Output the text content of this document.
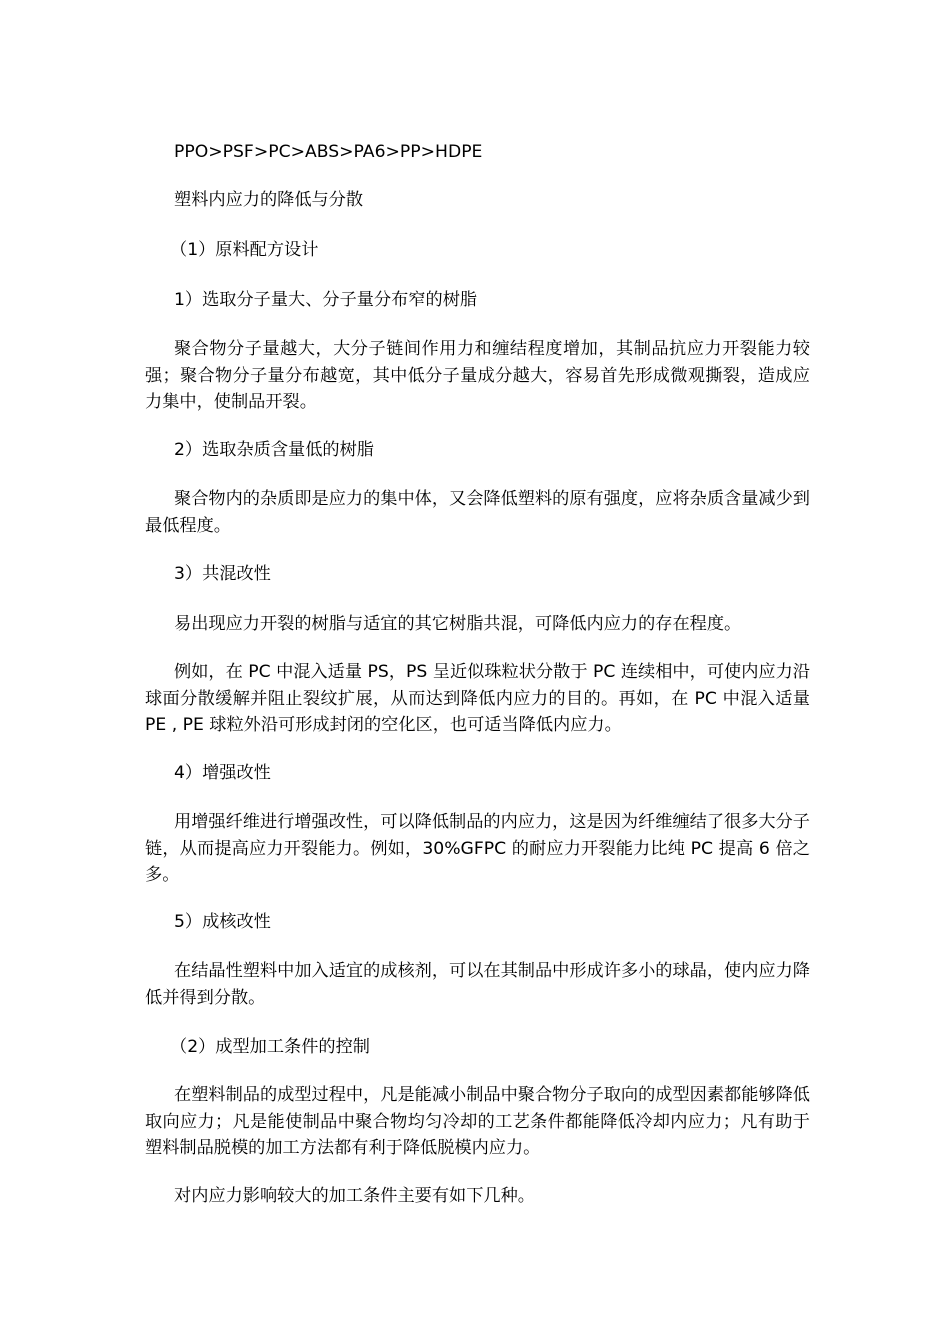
PPO>PSF>PC>ABS>PA6>PP>HDPE

塑料内应力的降低与分散

（1）原料配方设计

1）选取分子量大、分子量分布窄的树脂

聚合物分子量越大，大分子链间作用力和缠结程度增加，其制品抗应力开裂能力较强；聚合物分子量分布越宽，其中低分子量成分越大，容易首先形成微观撕裂，造成应力集中，使制品开裂。

2）选取杂质含量低的树脂

聚合物内的杂质即是应力的集中体，又会降低塑料的原有强度，应将杂质含量减少到最低程度。

3）共混改性

易出现应力开裂的树脂与适宜的其它树脂共混，可降低内应力的存在程度。

例如，在 PC 中混入适量 PS，PS 呈近似珠粒状分散于 PC 连续相中，可使内应力沿球面分散缓解并阻止裂纹扩展，从而达到降低内应力的目的。再如，在 PC 中混入适量 PE , PE 球粒外沿可形成封闭的空化区，也可适当降低内应力。

4）增强改性

用增强纤维进行增强改性，可以降低制品的内应力，这是因为纤维缠结了很多大分子链，从而提高应力开裂能力。例如，30%GFPC 的耐应力开裂能力比纯 PC 提高 6 倍之多。

5）成核改性

在结晶性塑料中加入适宜的成核剂，可以在其制品中形成许多小的球晶，使内应力降低并得到分散。

（2）成型加工条件的控制

在塑料制品的成型过程中，凡是能减小制品中聚合物分子取向的成型因素都能够降低取向应力；凡是能使制品中聚合物均匀冷却的工艺条件都能降低冷却内应力；凡有助于塑料制品脱模的加工方法都有利于降低脱模内应力。

对内应力影响较大的加工条件主要有如下几种。
